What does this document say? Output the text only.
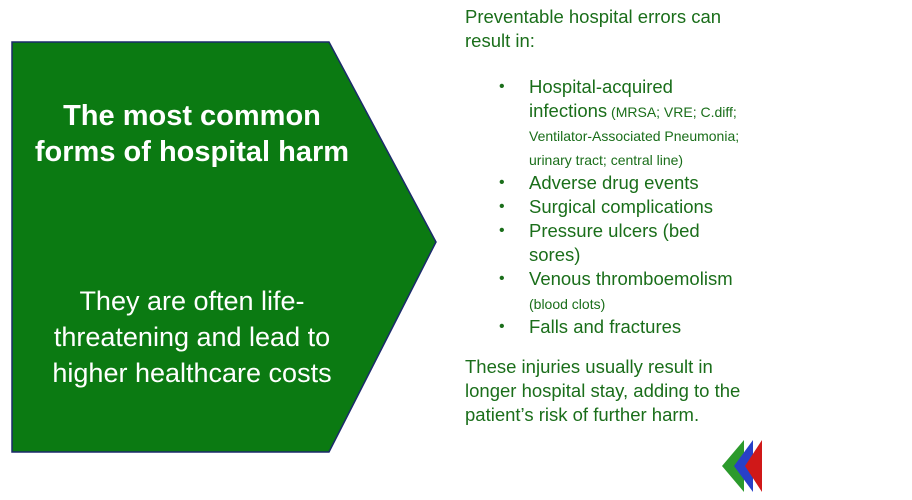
The most common forms of hospital harm

They are often life-threatening and lead to higher healthcare costs

Preventable hospital errors can result in:

• Hospital-acquired infections (MRSA; VRE; C.diff; Ventilator-Associated Pneumonia; urinary tract; central line)
• Adverse drug events
• Surgical complications
• Pressure ulcers (bed sores)
• Venous thromboemolism
(blood clots)
• Falls and fractures

These injuries usually result in longer hospital stay, adding to the patient’s risk of further harm.
